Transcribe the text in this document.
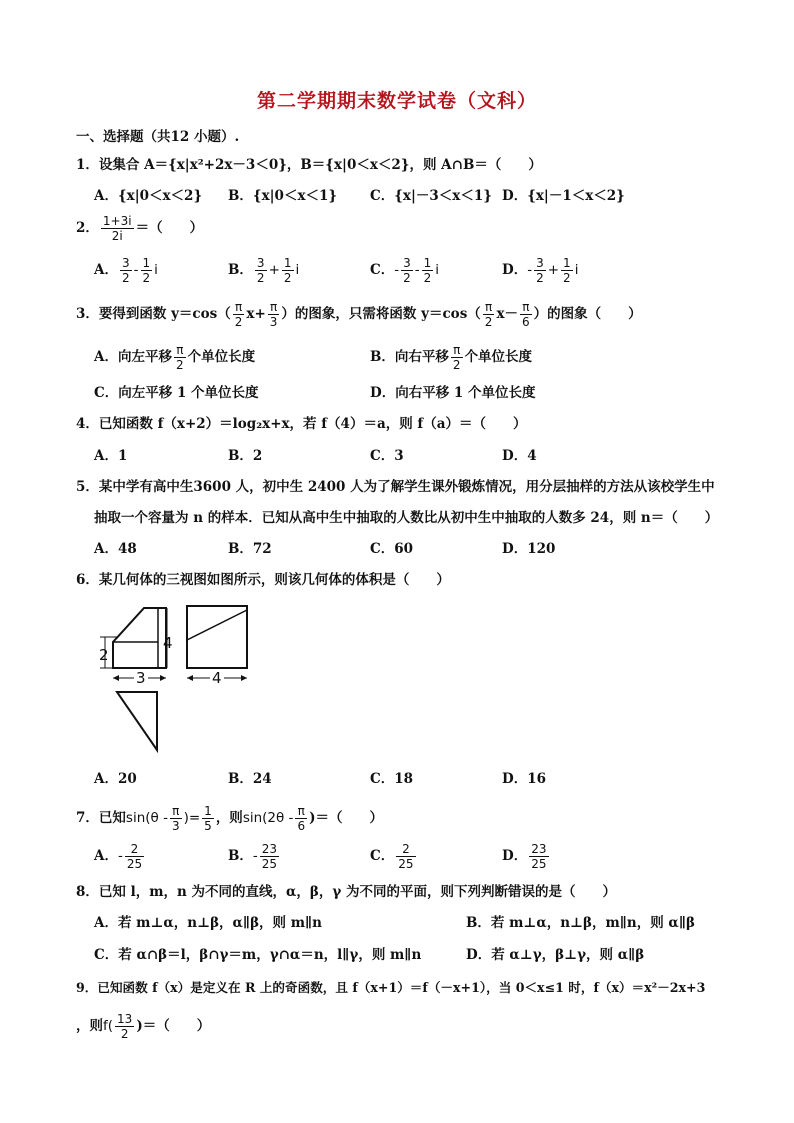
第二学期期末数学试卷（文科）
一、选择题（共12 小题）.
1．设集合 A＝{x|x²+2x－3＜0}，B＝{x|0＜x＜2}，则 A∩B＝（　　）
A．{x|0＜x＜2} B．{x|0＜x＜1} C．{x|－3＜x＜1} D．{x|－1＜x＜2}
2． $\frac{1+3i}{2i}$ ＝（　　）
A． $\frac{3}{2} - \frac{1}{2}$ i	B． $\frac{3}{2} + \frac{1}{2}$ i	C．- $\frac{3}{2} - \frac{1}{2}$ i	D．- $\frac{3}{2} + \frac{1}{2}$ i
3．要得到函数 $y=\cos( \frac{\pi}{2} x+ \frac{\pi}{3}$ ）的图象，只需将函数 $y=\cos( \frac{\pi}{2} x- \frac{\pi}{6}$ ）的图象（　　）
A．向左平移 $\frac{\pi}{2}$ 个单位长度	B．向右平移 $\frac{\pi}{2}$ 个单位长度
C．向左平移 1 个单位长度	D．向右平移 1 个单位长度
4．已知函数 f（x+2）＝log₂x+x，若 f（4）＝a，则 f（a）＝（　　）
A．1	B．2	C．3	D．4
5．某中学有高中生3600 人，初中生 2400 人为了解学生课外锻炼情况，用分层抽样的方法从该校学生中
抽取一个容量为 n 的样本．已知从高中生中抽取的人数比从初中生中抽取的人数多 24，则 n＝（　　）
A．48	B．72	C．60	D．120
6．某几何体的三视图如图所示，则该几何体的体积是（　　）
2
4
3	4
A．20	B．24	C．18	D．16
7．已知$\sin(\theta - \frac{\pi}{3}$ )= $\frac{1}{5}$ ，则$\sin(2\theta - \frac{\pi}{6}$ )＝（　　）
A．- $\frac{2}{25}$	B．- $\frac{23}{25}$	C． $\frac{2}{25}$	D． $\frac{23}{25}$
8．已知 l，m，n 为不同的直线，α，β，γ 为不同的平面，则下列判断错误的是（　　）
A．若 m⊥α，n⊥β，α∥β，则 m∥n	B．若 m⊥α，n⊥β，m∥n，则 α∥β
C．若 α∩β＝l，β∩γ＝m，γ∩α＝n，l∥γ，则 m∥n	D．若 α⊥γ，β⊥γ，则 α∥β
9．已知函数 f（x）是定义在 R 上的奇函数，且 f（x+1）＝f（－x+1），当 0＜x≤1 时，f（x）＝x²－2x+3
，则$f( \frac{13}{2}$ )＝（　　）
